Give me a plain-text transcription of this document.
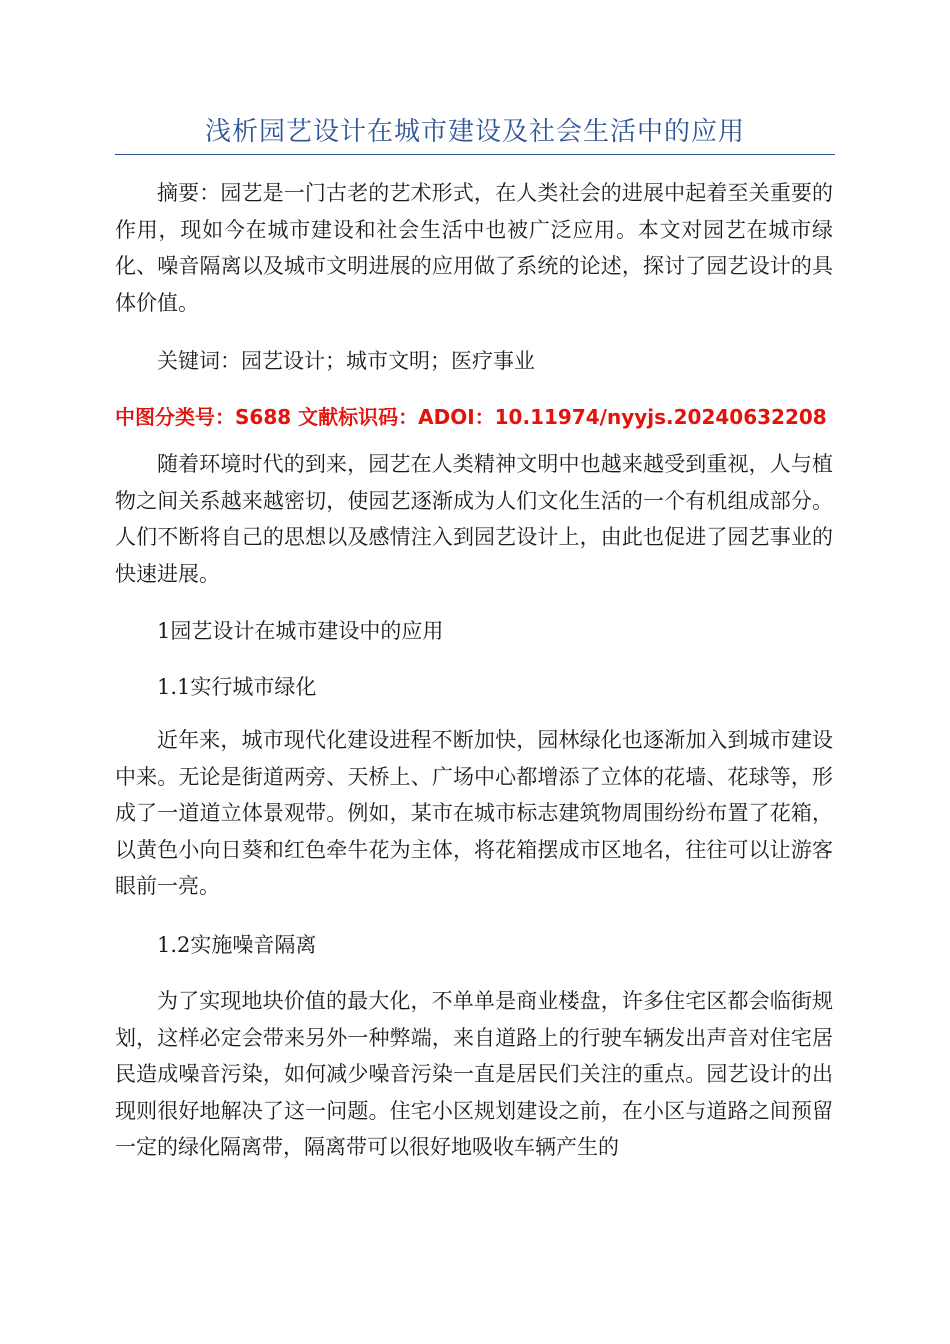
浅析园艺设计在城市建设及社会生活中的应用

摘要：园艺是一门古老的艺术形式，在人类社会的进展中起着至关重要的作用，现如今在城市建设和社会生活中也被广泛应用。本文对园艺在城市绿化、噪音隔离以及城市文明进展的应用做了系统的论述，探讨了园艺设计的具体价值。

关键词：园艺设计；城市文明；医疗事业

中图分类号：S688 文献标识码：ADOI：10.11974/nyyjs.20240632208

随着环境时代的到来，园艺在人类精神文明中也越来越受到重视，人与植物之间关系越来越密切，使园艺逐渐成为人们文化生活的一个有机组成部分。人们不断将自己的思想以及感情注入到园艺设计上，由此也促进了园艺事业的快速进展。

1园艺设计在城市建设中的应用

1.1实行城市绿化

近年来，城市现代化建设进程不断加快，园林绿化也逐渐加入到城市建设中来。无论是街道两旁、天桥上、广场中心都增添了立体的花墙、花球等，形成了一道道立体景观带。例如，某市在城市标志建筑物周围纷纷布置了花箱，以黄色小向日葵和红色牵牛花为主体，将花箱摆成市区地名，往往可以让游客眼前一亮。

1.2实施噪音隔离

为了实现地块价值的最大化，不单单是商业楼盘，许多住宅区都会临街规划，这样必定会带来另外一种弊端，来自道路上的行驶车辆发出声音对住宅居民造成噪音污染，如何减少噪音污染一直是居民们关注的重点。园艺设计的出现则很好地解决了这一问题。住宅小区规划建设之前，在小区与道路之间预留一定的绿化隔离带，隔离带可以很好地吸收车辆产生的
